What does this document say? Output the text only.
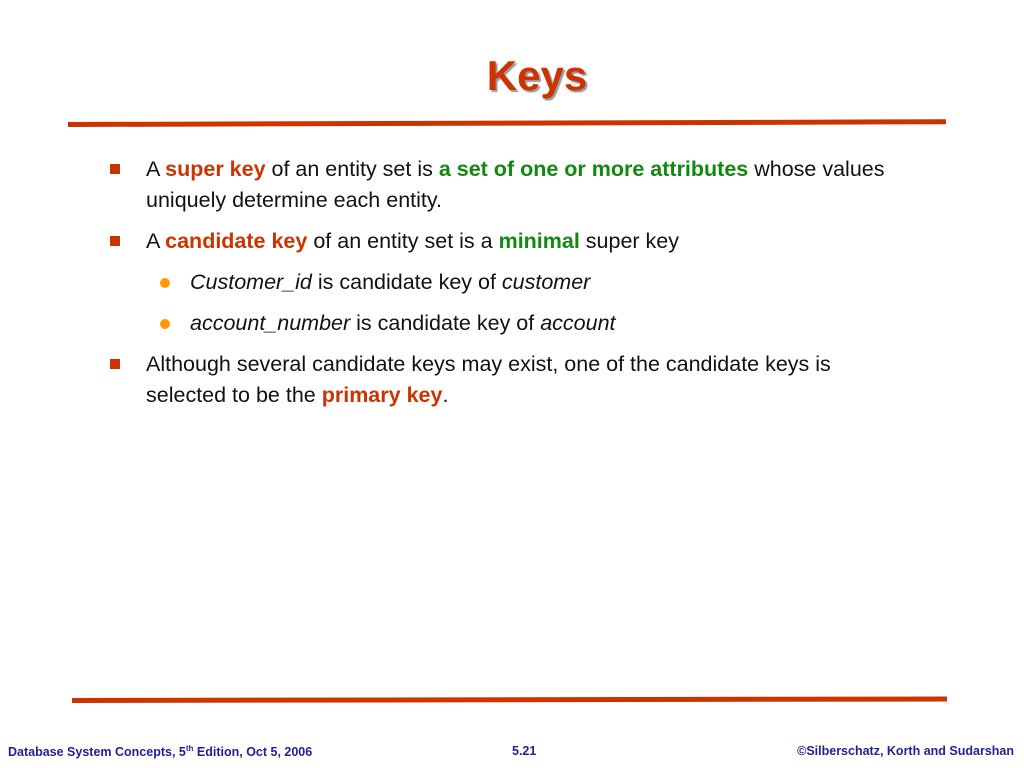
Keys
A super key of an entity set is a set of one or more attributes whose values uniquely determine each entity.
A candidate key of an entity set is a minimal super key
Customer_id is candidate key of customer
account_number is candidate key of account
Although several candidate keys may exist, one of the candidate keys is selected to be the primary key.
Database System Concepts, 5th Edition, Oct 5, 2006	5.21	©Silberschatz, Korth and Sudarshan
